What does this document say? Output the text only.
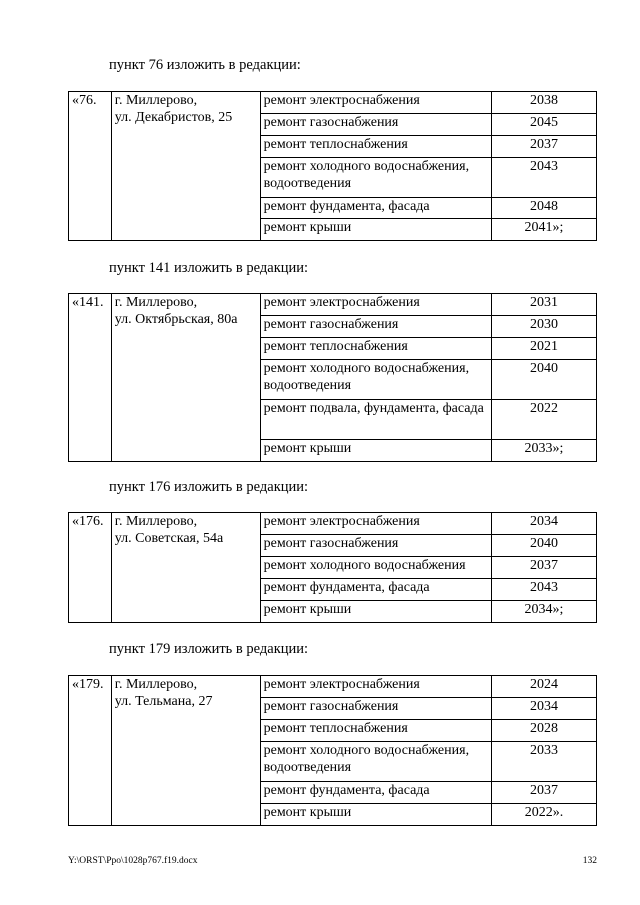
пункт 76 изложить в редакции:
«76.	г. Миллерово,
ул. Декабристов, 25	ремонт электроснабжения	2038
		ремонт газоснабжения	2045
		ремонт теплоснабжения	2037
		ремонт холодного водоснабжения, водоотведения	2043
		ремонт фундамента, фасада	2048
		ремонт крыши	2041»;
пункт 141 изложить в редакции:
«141.	г. Миллерово,
ул. Октябрьская, 80а	ремонт электроснабжения	2031
		ремонт газоснабжения	2030
		ремонт теплоснабжения	2021
		ремонт холодного водоснабжения, водоотведения	2040
		ремонт подвала, фундамента, фасада	2022
		ремонт крыши	2033»;
пункт 176 изложить в редакции:
«176.	г. Миллерово,
ул. Советская, 54а	ремонт электроснабжения	2034
		ремонт газоснабжения	2040
		ремонт холодного водоснабжения	2037
		ремонт фундамента, фасада	2043
		ремонт крыши	2034»;
пункт 179 изложить в редакции:
«179.	г. Миллерово,
ул. Тельмана, 27	ремонт электроснабжения	2024
		ремонт газоснабжения	2034
		ремонт теплоснабжения	2028
		ремонт холодного водоснабжения, водоотведения	2033
		ремонт фундамента, фасада	2037
		ремонт крыши	2022».
Y:\ORST\Ppo\1028p767.f19.docx	132
